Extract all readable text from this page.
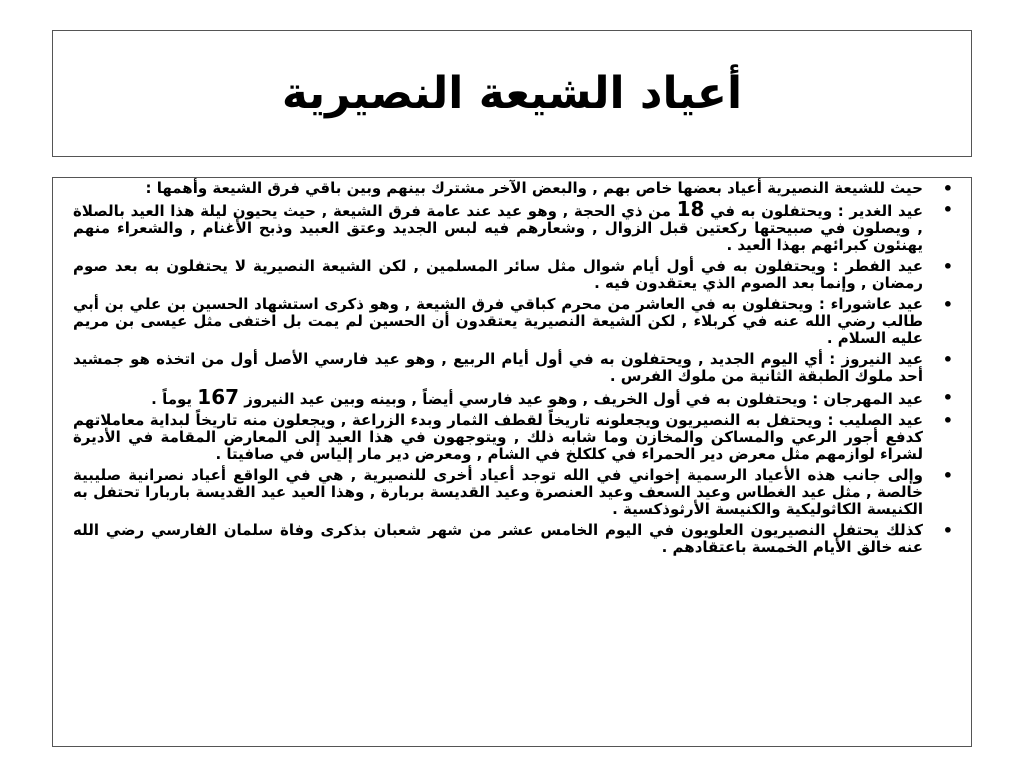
أعياد الشيعة النصيرية
• حيث للشيعة النصيرية أعياد بعضها خاص بهم , والبعض الآخر مشترك بينهم وبين باقي فرق الشيعة وأهمها :
• عيد الغدير : ويحتفلون به في 18 من ذي الحجة , وهو عيد عند عامة فرق الشيعة , حيث يحيون ليلة هذا العيد بالصلاة , ويصلون في صبيحتها ركعتين قبل الزوال , وشعارهم فيه لبس الجديد وعتق العبيد وذبح الأغنام , والشعراء منهم يهنئون كبرائهم بهذا العيد .
• عيد الفطر : ويحتفلون به في أول أيام شوال مثل سائر المسلمين , لكن الشيعة النصيرية لا يحتفلون به بعد صوم رمضان , وإنما بعد الصوم الذي يعتقدون فيه .
• عيد عاشوراء : ويحتفلون به في العاشر من محرم كباقي فرق الشيعة , وهو ذكرى استشهاد الحسين بن علي بن أبي طالب رضي الله عنه في كربلاء , لكن الشيعة النصيرية يعتقدون أن الحسين لم يمت بل اختفى مثل عيسى بن مريم عليه السلام .
• عيد النيروز : أي اليوم الجديد , ويحتفلون به في أول أيام الربيع , وهو عيد فارسي الأصل أول من اتخذه هو جمشيد أحد ملوك الطبقة الثانية من ملوك الفرس .
• عيد المهرجان : ويحتفلون به في أول الخريف , وهو عيد فارسي أيضاً , وبينه وبين عيد النيروز 167 يوماً .
• عيد الصليب : ويحتفل به النصيريون ويجعلونه تاريخاً لقطف الثمار وبدء الزراعة , ويجعلون منه تاريخاً لبداية معاملاتهم كدفع أجور الرعي والمساكن والمخازن وما شابه ذلك , ويتوجهون في هذا العيد إلى المعارض المقامة في الأديرة لشراء لوازمهم مثل معرض دير الحمراء في كلكلخ في الشام , ومعرض دير مار إلياس في صافيتا .
• وإلى جانب هذه الأعياد الرسمية إخواني في الله توجد أعياد أخرى للنصيرية , هي في الواقع أعياد نصرانية صليبية خالصة , مثل عيد الغطاس وعيد السعف وعيد العنصرة وعيد القديسة بربارة , وهذا العيد عيد القديسة باربارا تحتفل به الكنيسة الكاثوليكية والكنيسة الأرثوذكسية .
• كذلك يحتفل النصيريون العلويون في اليوم الخامس عشر من شهر شعبان بذكرى وفاة سلمان الفارسي رضي الله عنه خالق الأيام الخمسة باعتقادهم .
